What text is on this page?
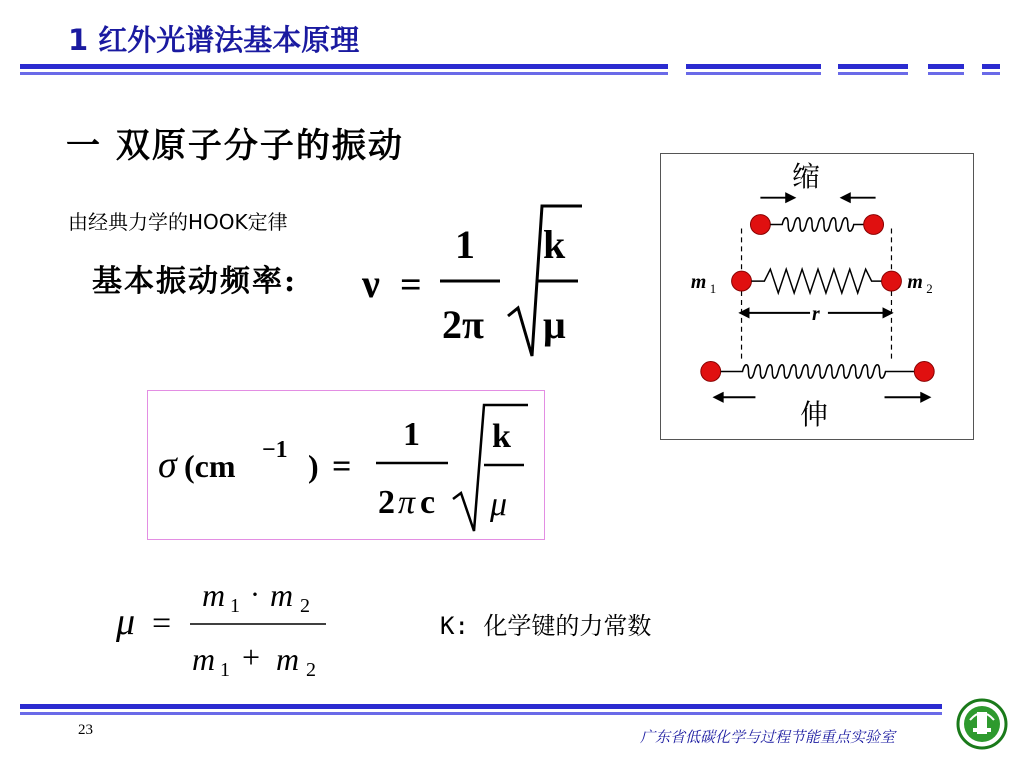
1 红外光谱法基本原理
一 双原子分子的振动
由经典力学的HOOK定律
基本振动频率: ν =
1
2π
k
μ
σ (cm −1 ) =
1
2 π c
k
μ
μ =
m 1 · m 2
m 1 + m 2
K: 化学键的力常数
缩
伸
m 1	m 2
r
23	广东省低碳化学与过程节能重点实验室
